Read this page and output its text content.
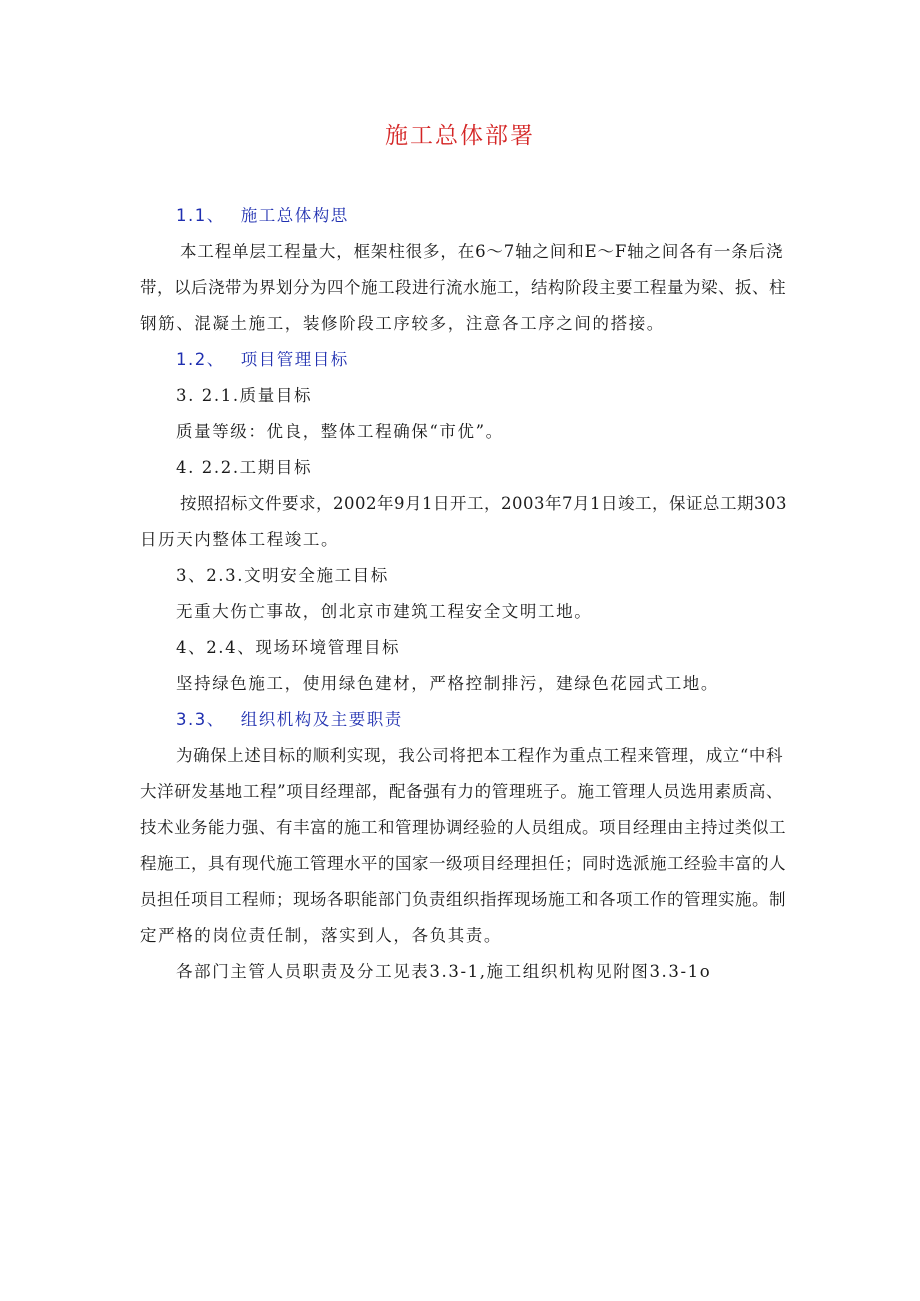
施工总体部署
1.1、 施工总体构思
本工程单层工程量大，框架柱很多，在6～7轴之间和E～F轴之间各有一条后浇
带，以后浇带为界划分为四个施工段进行流水施工，结构阶段主要工程量为梁、扳、柱
钢筋、混凝土施工，装修阶段工序较多，注意各工序之间的搭接。
1.2、 项目管理目标
3. 2.1.质量目标
质量等级：优良，整体工程确保“市优”。
4. 2.2.工期目标
按照招标文件要求，2002年9月1日开工，2003年7月1日竣工，保证总工期303
日历天内整体工程竣工。
3、2.3.文明安全施工目标
无重大伤亡事故，创北京市建筑工程安全文明工地。
4、2.4、现场环境管理目标
坚持绿色施工，使用绿色建材，严格控制排污，建绿色花园式工地。
3.3、 组织机构及主要职责
为确保上述目标的顺利实现，我公司将把本工程作为重点工程来管理，成立“中科
大洋研发基地工程”项目经理部，配备强有力的管理班子。施工管理人员选用素质高、
技术业务能力强、有丰富的施工和管理协调经验的人员组成。项目经理由主持过类似工
程施工，具有现代施工管理水平的国家一级项目经理担任；同时选派施工经验丰富的人
员担任项目工程师；现场各职能部门负责组织指挥现场施工和各项工作的管理实施。制
定严格的岗位责任制，落实到人，各负其责。
各部门主管人员职责及分工见表3.3-1,施工组织机构见附图3.3-1o
